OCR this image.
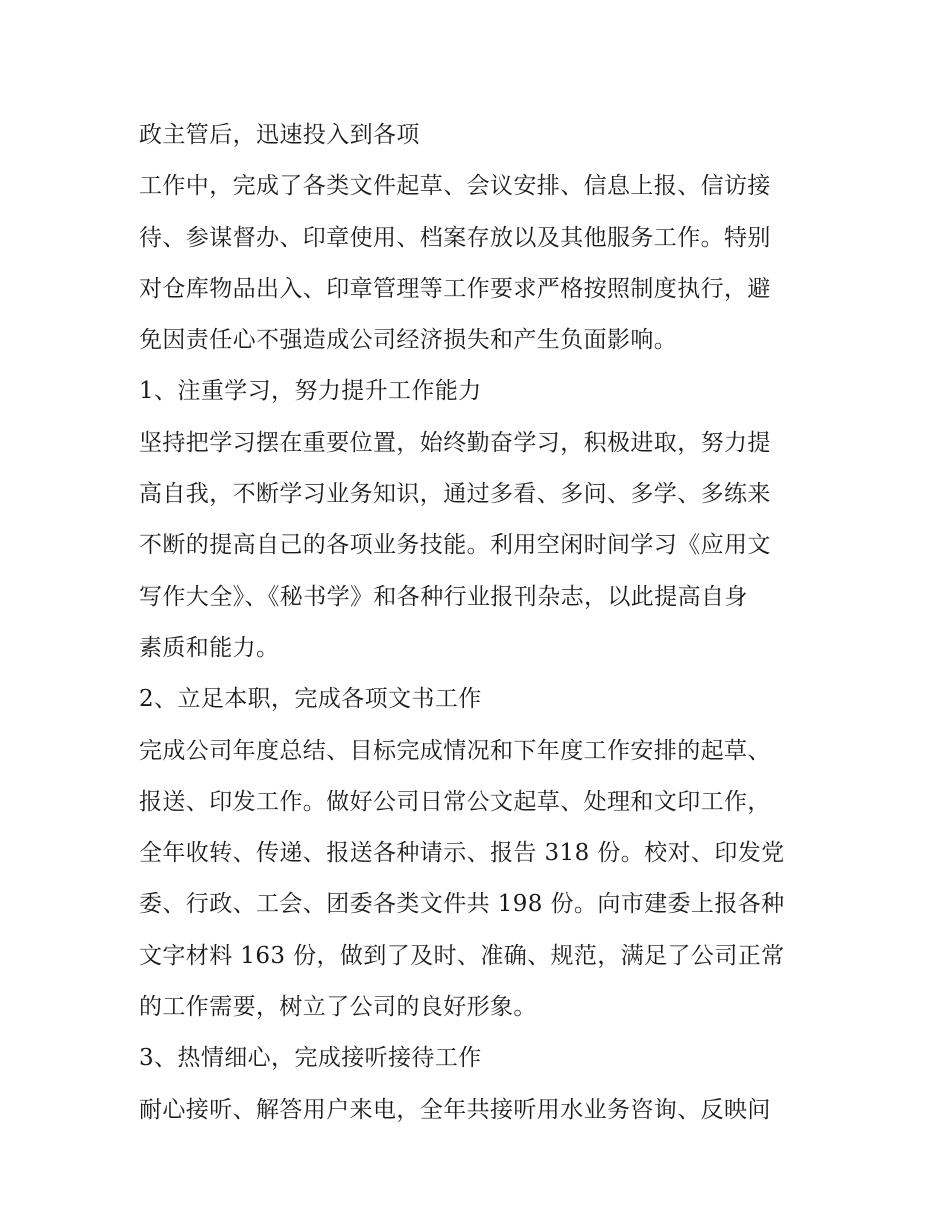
政主管后，迅速投入到各项
工作中，完成了各类文件起草、会议安排、信息上报、信访接
待、参谋督办、印章使用、档案存放以及其他服务工作。特别
对仓库物品出入、印章管理等工作要求严格按照制度执行，避
免因责任心不强造成公司经济损失和产生负面影响。
1、注重学习，努力提升工作能力
坚持把学习摆在重要位置，始终勤奋学习，积极进取，努力提
高自我，不断学习业务知识，通过多看、多问、多学、多练来
不断的提高自己的各项业务技能。利用空闲时间学习《应用文
写作大全》、《秘书学》和各种行业报刊杂志，以此提高自身
素质和能力。
2、立足本职，完成各项文书工作
完成公司年度总结、目标完成情况和下年度工作安排的起草、
报送、印发工作。做好公司日常公文起草、处理和文印工作，
全年收转、传递、报送各种请示、报告 318 份。校对、印发党
委、行政、工会、团委各类文件共 198 份。向市建委上报各种
文字材料 163 份，做到了及时、准确、规范，满足了公司正常
的工作需要，树立了公司的良好形象。
3、热情细心，完成接听接待工作
耐心接听、解答用户来电，全年共接听用水业务咨询、反映问
